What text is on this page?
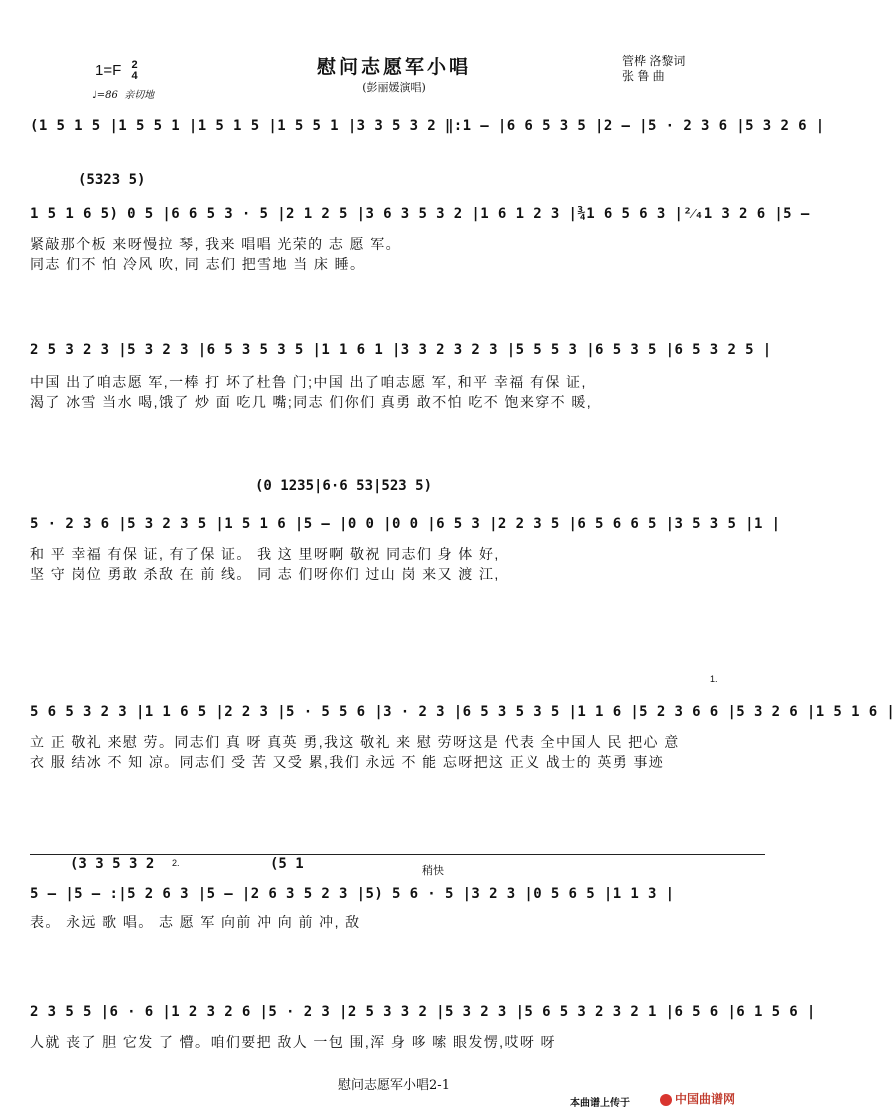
1=F 2
4
♩=86 亲切地
慰问志愿军小唱
(彭丽媛演唱)
管桦 洛黎词
张 鲁 曲
(1 5 1 5 |1 5 5 1 |1 5 1 5 |1 5 5 1 |3 3 5 3 2 ‖:1 – |6 6 5 3 5 |2 – |5 · 2 3 6 |5 3 2 6 |
(5323 5)
1 5 1 6 5) 0 5 |6 6 5 3 · 5 |2 1 2 5 |3 6 3 5 3 2 |1 6 1 2 3 |¾1 6 5 6 3 |²⁄₄1 3 2 6 |5 –
紧敲那个板 来呀慢拉 琴, 我来 唱唱 光荣的 志 愿 军。
同志 们不 怕 冷风 吹, 同 志们 把雪地 当 床 睡。
2 5 3 2 3 |5 3 2 3 |6 5 3 5 3 5 |1 1 6 1 |3 3 2 3 2 3 |5 5 5 3 |6 5 3 5 |6 5 3 2 5 |
中国 出了咱志愿 军,一棒 打 坏了杜鲁 门;中国 出了咱志愿 军, 和平 幸福 有保 证,
渴了 冰雪 当水 喝,饿了 炒 面 吃几 嘴;同志 们你们 真勇 敢不怕 吃不 饱来穿不 暖,
(0 1235|6·6 53|523 5)
5 · 2 3 6 |5 3 2 3 5 |1 5 1 6 |5 – |0 0 |0 0 |6 5 3 |2 2 3 5 |6 5 6 6 5 |3 5 3 5 |1 |
和 平 幸福 有保 证, 有了保 证。 我 这 里呀啊 敬祝 同志们 身 体 好,
坚 守 岗位 勇敢 杀敌 在 前 线。 同 志 们呀你们 过山 岗 来又 渡 江,
1.
5 6 5 3 2 3 |1 1 6 5 |2 2 3 |5 · 5 5 6 |3 · 2 3 |6 5 3 5 3 5 |1 1 6 |5 2 3 6 6 |5 3 2 6 |1 5 1 6 |
立 正 敬礼 来慰 劳。同志们 真 呀 真英 勇,我这 敬礼 来 慰 劳呀这是 代表 全中国人 民 把心 意
衣 服 结冰 不 知 凉。同志们 受 苦 又受 累,我们 永远 不 能 忘呀把这 正义 战士的 英勇 事迹
(3 3 5 3 2 2.	(5 1	稍快
5 – |5 – :|5 2 6 3 |5 – |2 6 3 5 2 3 |5) 5 6 · 5 |3 2 3 |0 5 6 5 |1 1 3 |
表。 永远 歌 唱。 志 愿 军 向前 冲 向 前 冲, 敌
2 3 5 5 |6 · 6 |1 2 3 2 6 |5 · 2 3 |2 5 3 3 2 |5 3 2 3 |5 6 5 3 2 3 2 1 |6 5 6 |6 1 5 6 |
人就 丧了 胆 它发 了 懵。咱们要把 敌人 一包 围,浑 身 哆 嗦 眼发愣,哎呀 呀
慰问志愿军小唱2-1
本曲谱上传于	中国曲谱网
